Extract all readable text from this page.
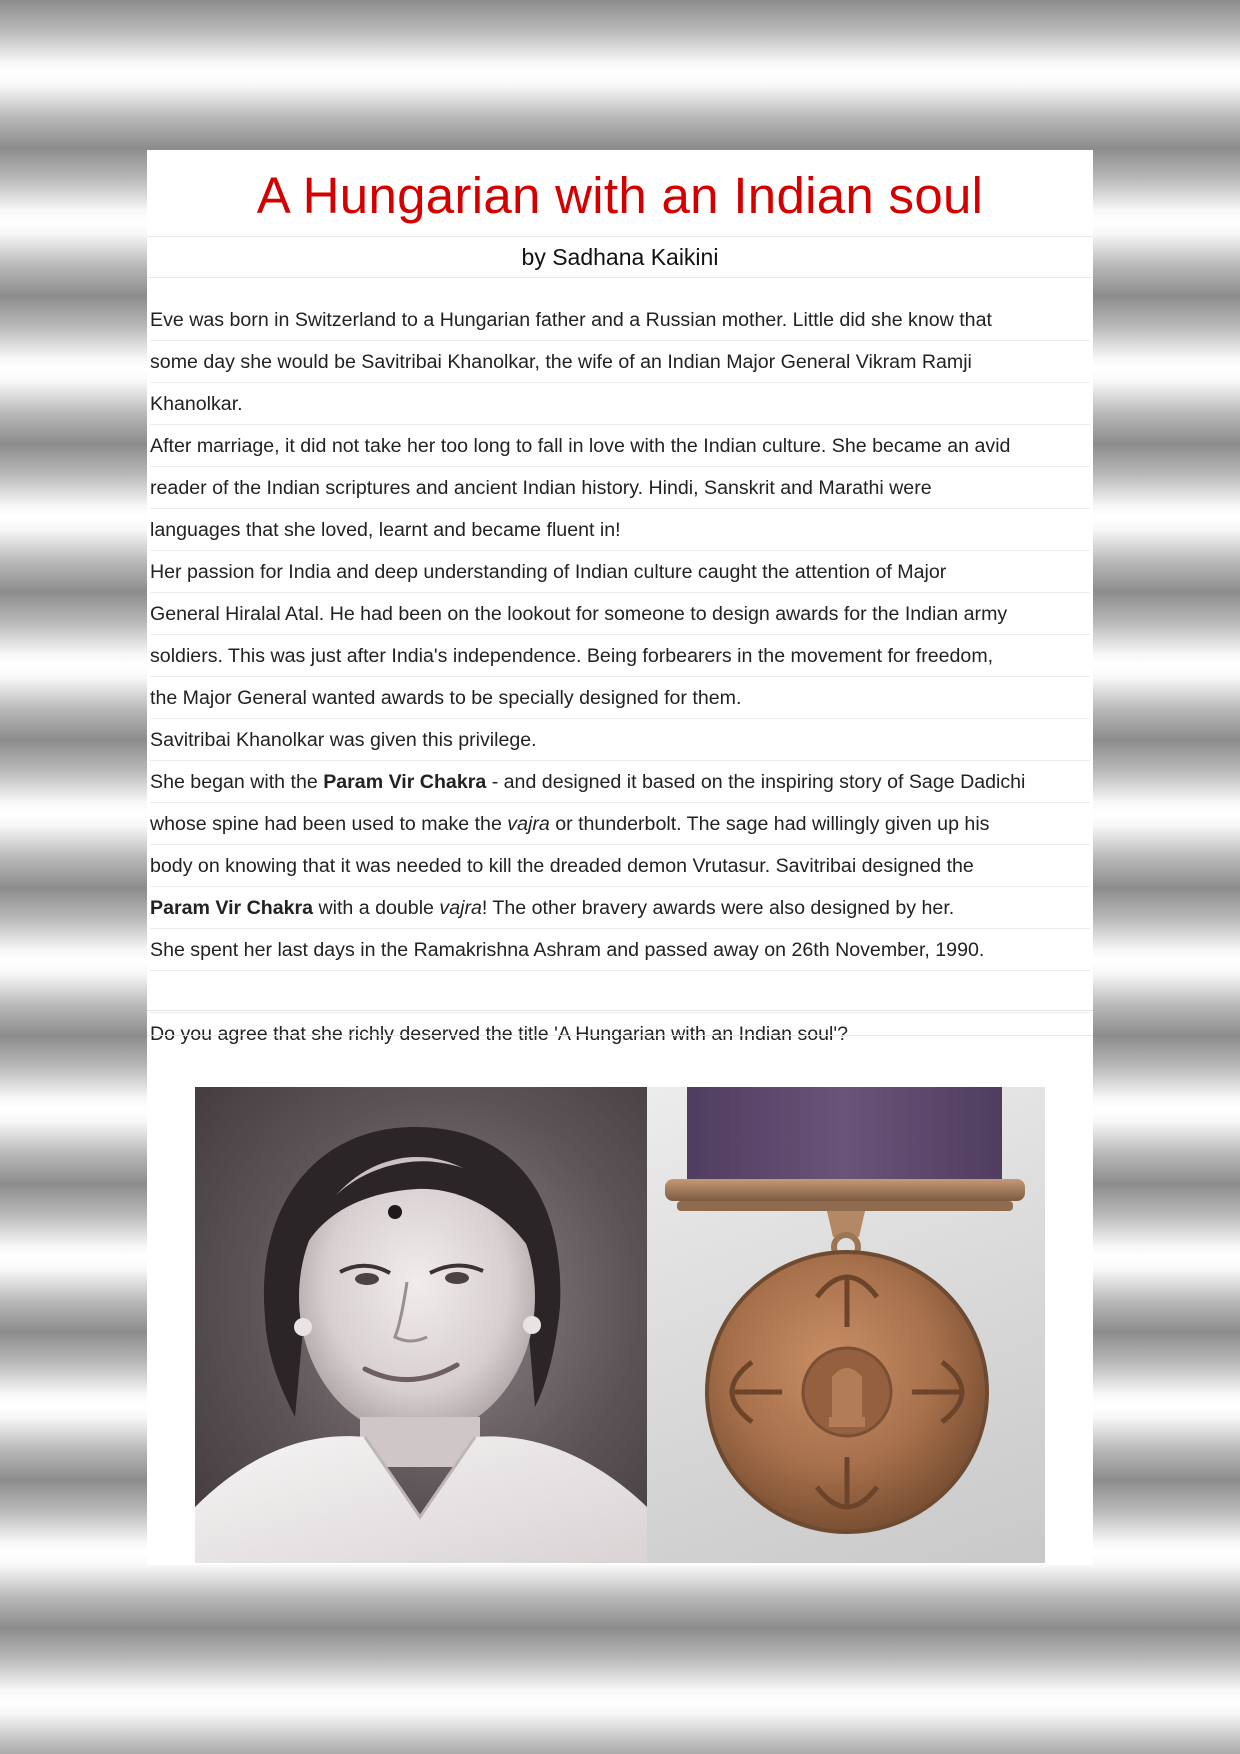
A Hungarian with an Indian soul
by Sadhana Kaikini
Eve was born in Switzerland to a Hungarian father and a Russian mother. Little did she know that
some day she would be Savitribai Khanolkar, the wife of an Indian Major General Vikram Ramji
Khanolkar.
After marriage, it did not take her too long to fall in love with the Indian culture. She became an avid
reader of the Indian scriptures and ancient Indian history. Hindi, Sanskrit and Marathi were
languages that she loved, learnt and became fluent in!
Her passion for India and deep understanding of Indian culture caught the attention of Major
General Hiralal Atal. He had been on the lookout for someone to design awards for the Indian army
soldiers. This was just after India's independence. Being forbearers in the movement for freedom,
the Major General wanted awards to be specially designed for them.
Savitribai Khanolkar was given this privilege.
She began with the Param Vir Chakra - and designed it based on the inspiring story of Sage Dadichi
whose spine had been used to make the vajra or thunderbolt. The sage had willingly given up his
body on knowing that it was needed to kill the dreaded demon Vrutasur. Savitribai designed the
Param Vir Chakra with a double vajra! The other bravery awards were also designed by her.
She spent her last days in the Ramakrishna Ashram and passed away on 26th November, 1990.
Do you agree that she richly deserved the title 'A Hungarian with an Indian soul'?
